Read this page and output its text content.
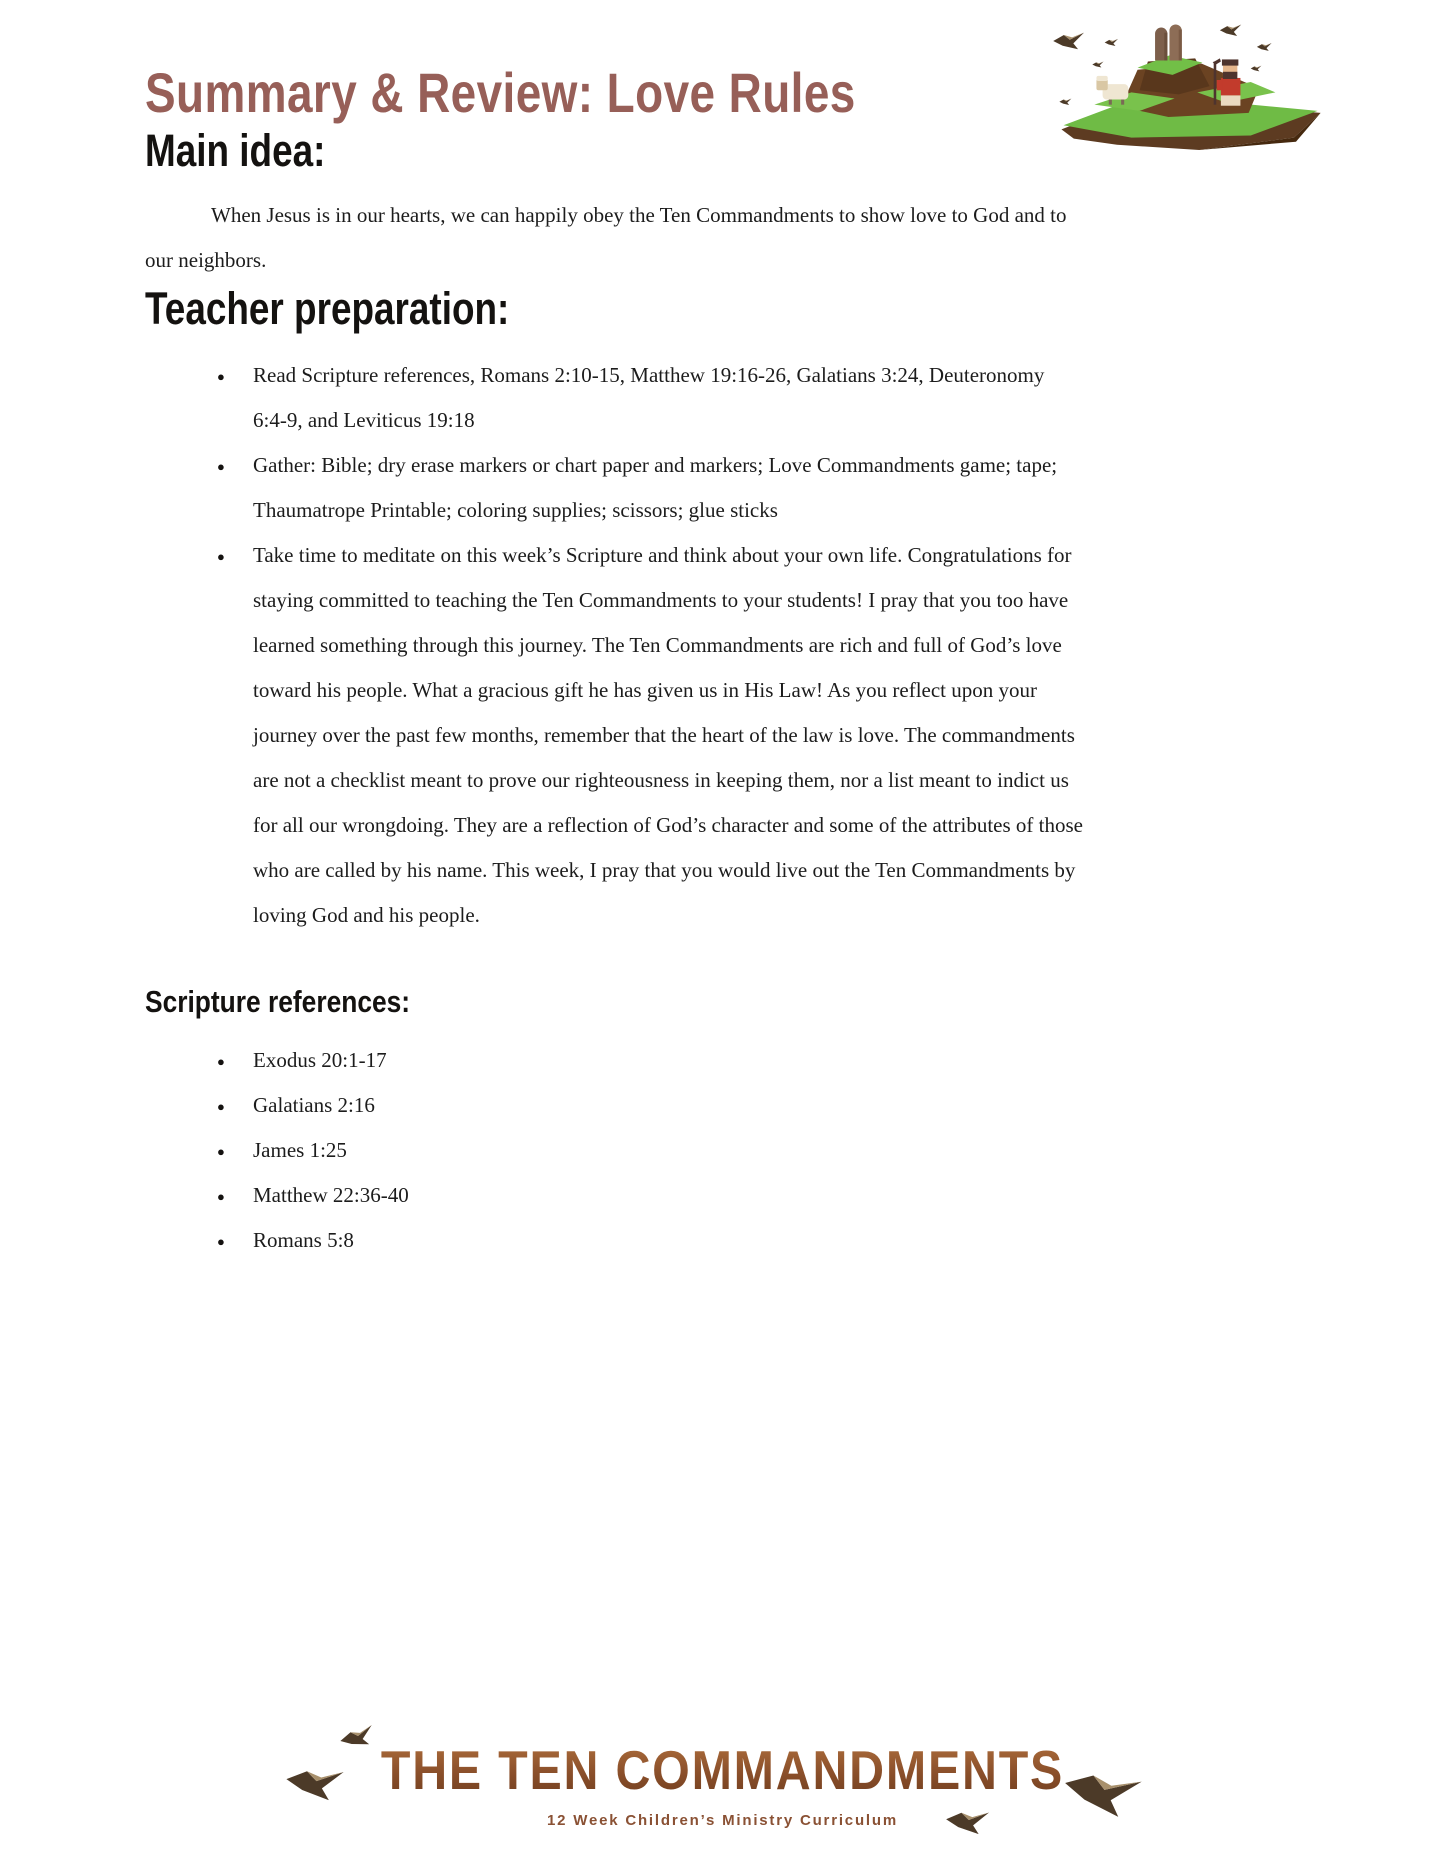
Summary & Review: Love Rules
Main idea:

When Jesus is in our hearts, we can happily obey the Ten Commandments to show love to God and to our neighbors.

Teacher preparation:
● Read Scripture references, Romans 2:10-15, Matthew 19:16-26, Galatians 3:24, Deuteronomy 6:4-9, and Leviticus 19:18
● Gather: Bible; dry erase markers or chart paper and markers; Love Commandments game; tape; Thaumatrope Printable; coloring supplies; scissors; glue sticks
● Take time to meditate on this week’s Scripture and think about your own life. Congratulations for staying committed to teaching the Ten Commandments to your students! I pray that you too have learned something through this journey. The Ten Commandments are rich and full of God’s love toward his people. What a gracious gift he has given us in His Law! As you reflect upon your journey over the past few months, remember that the heart of the law is love. The commandments are not a checklist meant to prove our righteousness in keeping them, nor a list meant to indict us for all our wrongdoing. They are a reflection of God’s character and some of the attributes of those who are called by his name. This week, I pray that you would live out the Ten Commandments by loving God and his people.
Scripture references:
● Exodus 20:1-17
● Galatians 2:16
● James 1:25
● Matthew 22:36-40
● Romans 5:8
THE TEN COMMANDMENTS
12 Week Children’s Ministry Curriculum
